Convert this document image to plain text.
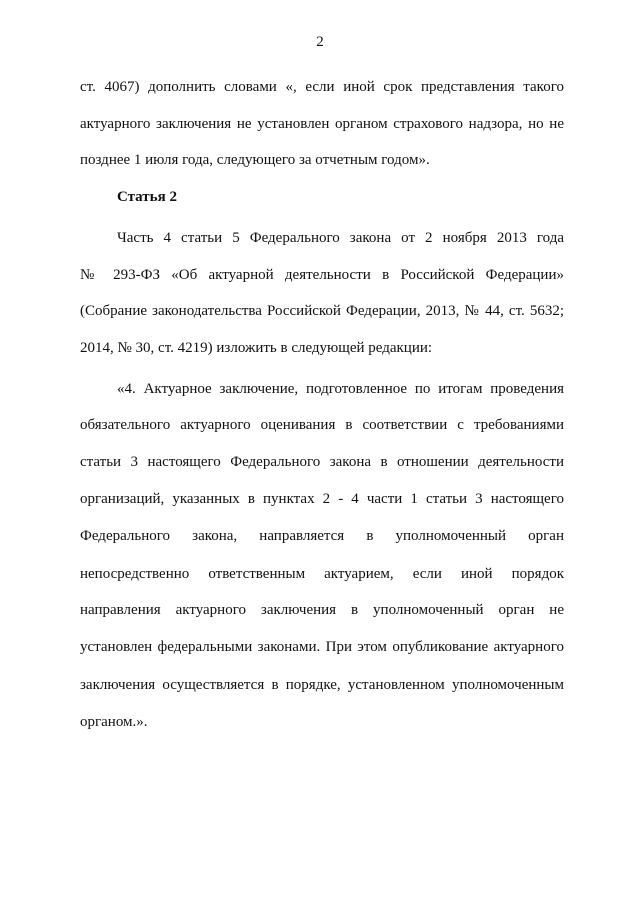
2
ст. 4067) дополнить словами «, если иной срок представления такого
актуарного заключения не установлен органом страхового надзора, но не
позднее 1 июля года, следующего за отчетным годом».
Статья 2
Часть 4 статьи 5 Федерального закона от 2 ноября 2013 года
№ 293-ФЗ «Об актуарной деятельности в Российской Федерации»
(Собрание законодательства Российской Федерации, 2013, № 44, ст. 5632;
2014, № 30, ст. 4219) изложить в следующей редакции:
«4. Актуарное заключение, подготовленное по итогам проведения
обязательного актуарного оценивания в соответствии с требованиями
статьи 3 настоящего Федерального закона в отношении деятельности
организаций, указанных в пунктах 2 - 4 части 1 статьи 3 настоящего
Федерального закона, направляется в уполномоченный орган
непосредственно ответственным актуарием, если иной порядок
направления актуарного заключения в уполномоченный орган не
установлен федеральными законами. При этом опубликование актуарного
заключения осуществляется в порядке, установленном уполномоченным
органом.».
